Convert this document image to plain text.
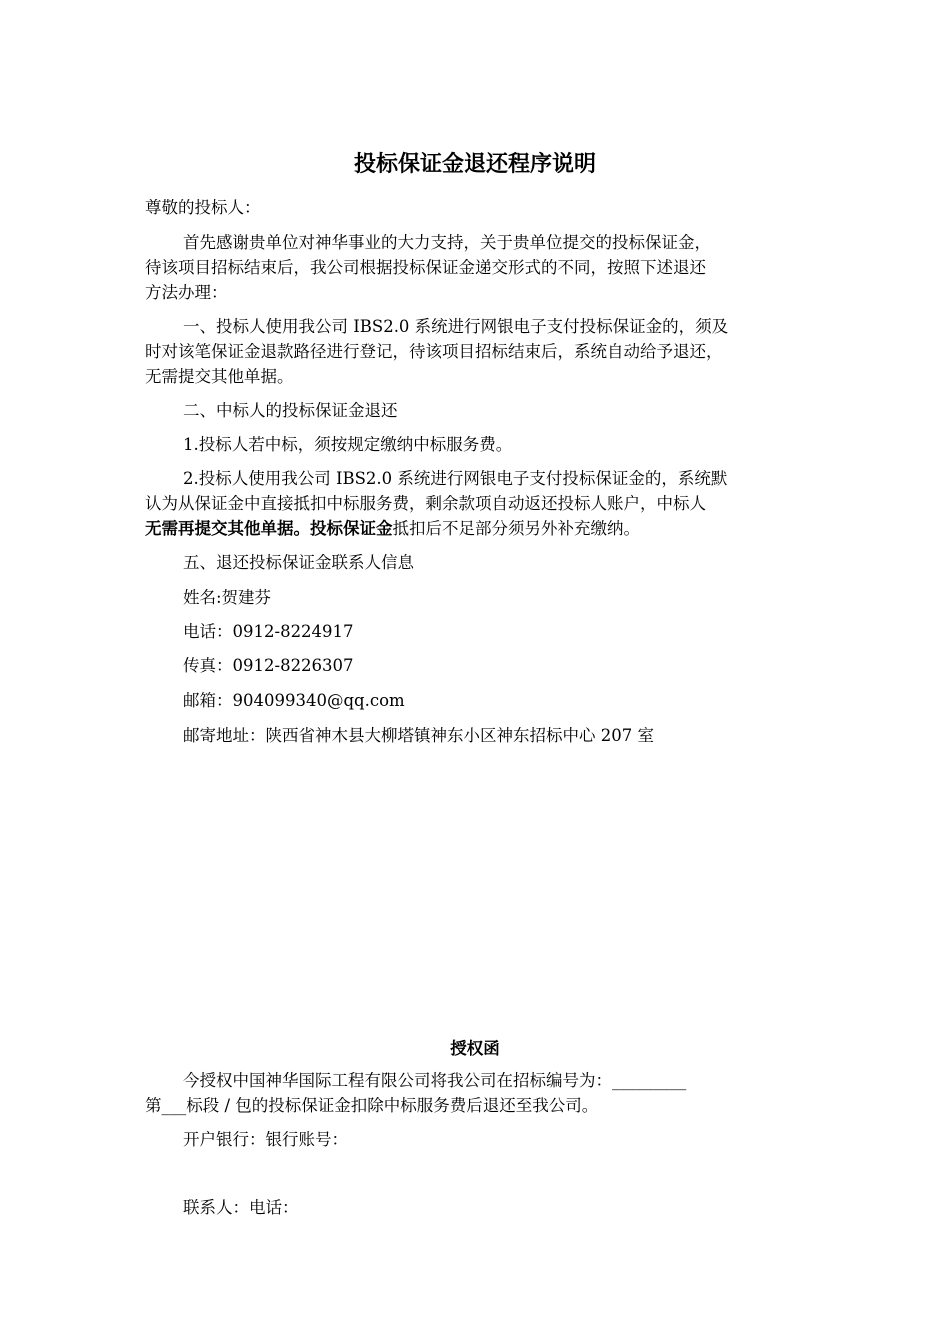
投标保证金退还程序说明
尊敬的投标人：
首先感谢贵单位对神华事业的大力支持，关于贵单位提交的投标保证金，
待该项目招标结束后，我公司根据投标保证金递交形式的不同，按照下述退还
方法办理：
一、投标人使用我公司 IBS2.0 系统进行网银电子支付投标保证金的，须及
时对该笔保证金退款路径进行登记，待该项目招标结束后，系统自动给予退还，
无需提交其他单据。
二、中标人的投标保证金退还
1.投标人若中标，须按规定缴纳中标服务费。
2.投标人使用我公司 IBS2.0 系统进行网银电子支付投标保证金的，系统默
认为从保证金中直接抵扣中标服务费，剩余款项自动返还投标人账户，中标人
无需再提交其他单据。投标保证金抵扣后不足部分须另外补充缴纳。
五、退还投标保证金联系人信息
姓名:贺建芬
电话：0912-8224917
传真：0912-8226307
邮箱：904099340@qq.com
邮寄地址：陕西省神木县大柳塔镇神东小区神东招标中心 207 室
授权函
今授权中国神华国际工程有限公司将我公司在招标编号为：_________
第___标段 / 包的投标保证金扣除中标服务费后退还至我公司。
开户银行：银行账号：
联系人：电话：
